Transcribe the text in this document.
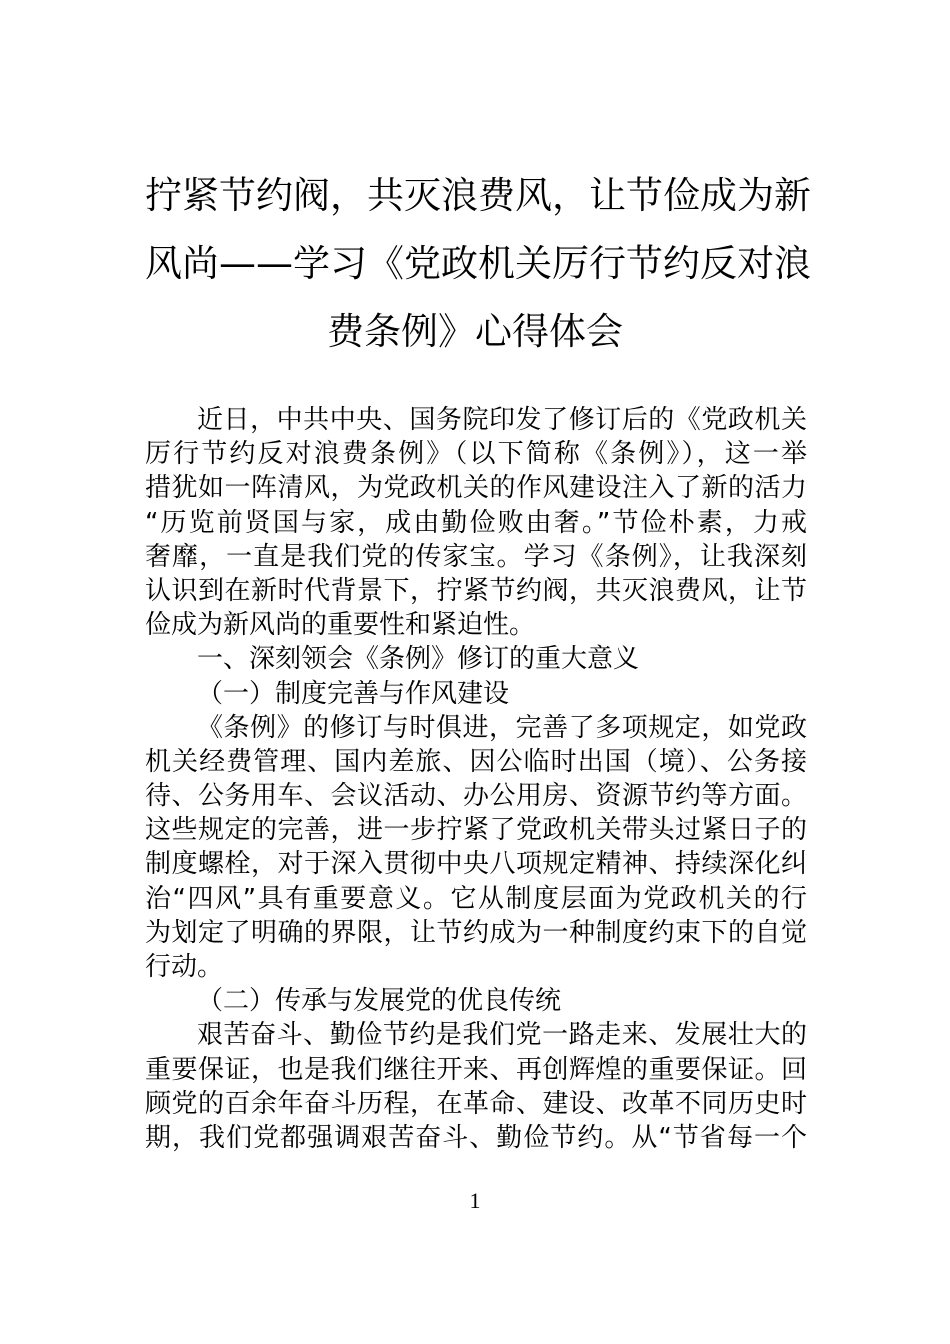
拧紧节约阀，共灭浪费风，让节俭成为新
风尚——学习《党政机关厉行节约反对浪
费条例》心得体会
近日，中共中央、国务院印发了修订后的《党政机关
厉行节约反对浪费条例》（以下简称《条例》），这一举
措犹如一阵清风，为党政机关的作风建设注入了新的活力
“历览前贤国与家，成由勤俭败由奢。”节俭朴素，力戒
奢靡，一直是我们党的传家宝。学习《条例》，让我深刻
认识到在新时代背景下，拧紧节约阀，共灭浪费风，让节
俭成为新风尚的重要性和紧迫性。
一、深刻领会《条例》修订的重大意义
（一）制度完善与作风建设
《条例》的修订与时俱进，完善了多项规定，如党政
机关经费管理、国内差旅、因公临时出国（境）、公务接
待、公务用车、会议活动、办公用房、资源节约等方面。
这些规定的完善，进一步拧紧了党政机关带头过紧日子的
制度螺栓，对于深入贯彻中央八项规定精神、持续深化纠
治“四风”具有重要意义。它从制度层面为党政机关的行
为划定了明确的界限，让节约成为一种制度约束下的自觉
行动。
（二）传承与发展党的优良传统
艰苦奋斗、勤俭节约是我们党一路走来、发展壮大的
重要保证，也是我们继往开来、再创辉煌的重要保证。回
顾党的百余年奋斗历程，在革命、建设、改革不同历史时
期，我们党都强调艰苦奋斗、勤俭节约。从“节省每一个
1
